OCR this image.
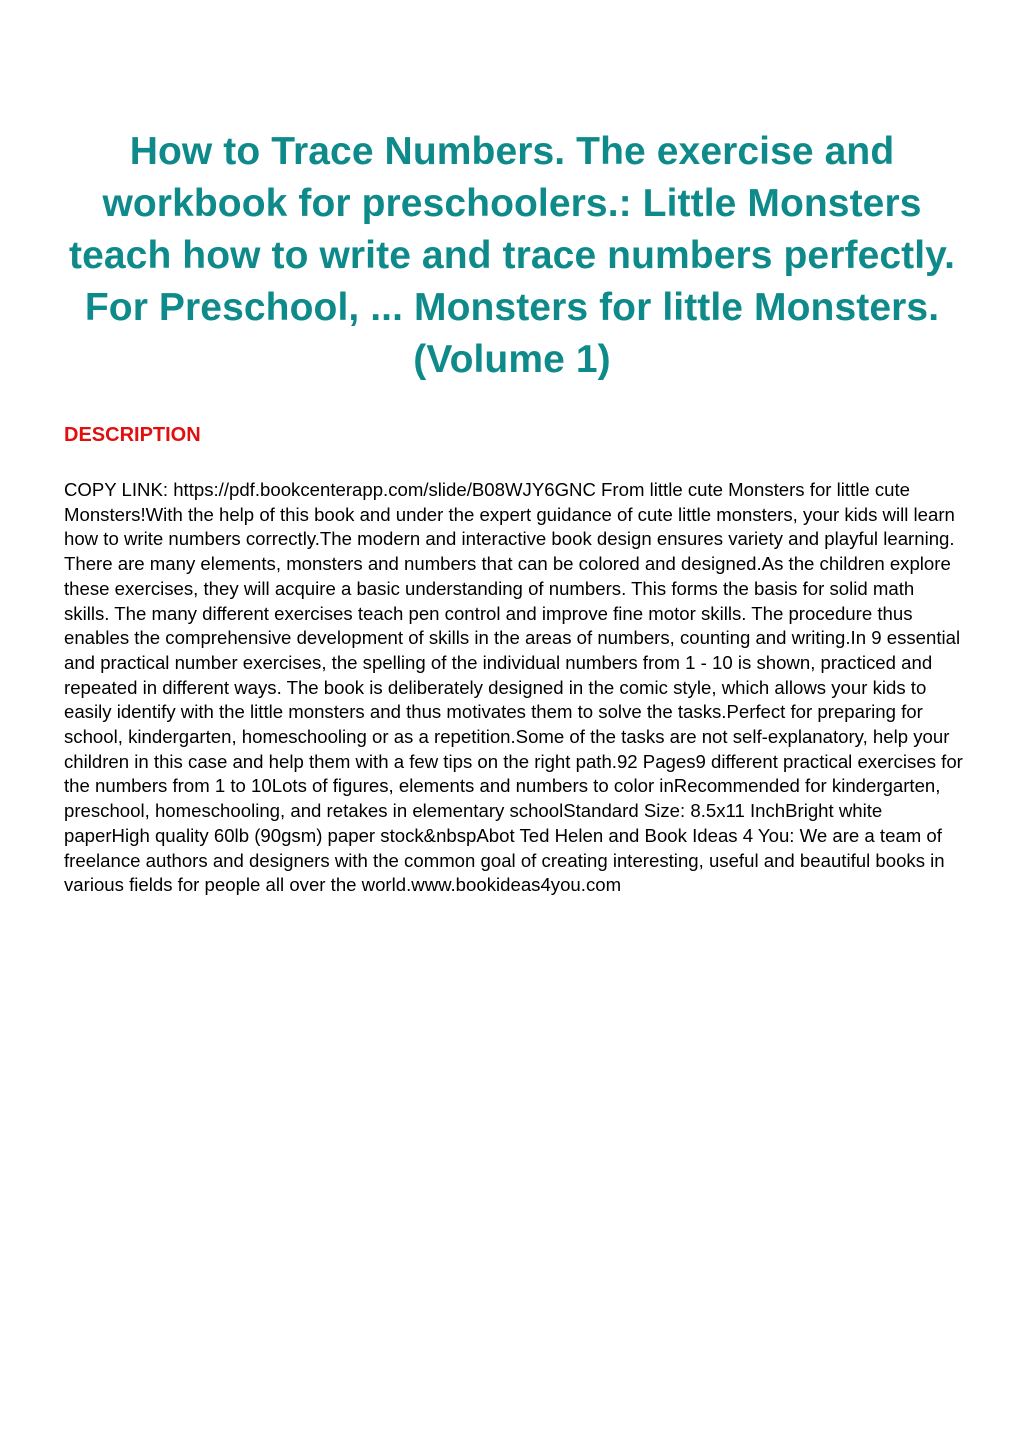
How to Trace Numbers. The exercise and workbook for preschoolers.: Little Monsters teach how to write and trace numbers perfectly. For Preschool, ... Monsters for little Monsters. (Volume 1)
DESCRIPTION

COPY LINK: https://pdf.bookcenterapp.com/slide/B08WJY6GNC From little cute Monsters for little cute Monsters!With the help of this book and under the expert guidance of cute little monsters, your kids will learn how to write numbers correctly.The modern and interactive book design ensures variety and playful learning. There are many elements, monsters and numbers that can be colored and designed.As the children explore these exercises, they will acquire a basic understanding of numbers. This forms the basis for solid math skills. The many different exercises teach pen control and improve fine motor skills. The procedure thus enables the comprehensive development of skills in the areas of numbers, counting and writing.In 9 essential and practical number exercises, the spelling of the individual numbers from 1 - 10 is shown, practiced and repeated in different ways. The book is deliberately designed in the comic style, which allows your kids to easily identify with the little monsters and thus motivates them to solve the tasks.Perfect for preparing for school, kindergarten, homeschooling or as a repetition.Some of the tasks are not self-explanatory, help your children in this case and help them with a few tips on the right path.92 Pages9 different practical exercises for the numbers from 1 to 10Lots of figures, elements and numbers to color inRecommended for kindergarten, preschool, homeschooling, and retakes in elementary schoolStandard Size: 8.5x11 InchBright white paperHigh quality 60lb (90gsm) paper stock&nbspAbot Ted Helen and Book Ideas 4 You: We are a team of freelance authors and designers with the common goal of creating interesting, useful and beautiful books in various fields for people all over the world.www.bookideas4you.com
